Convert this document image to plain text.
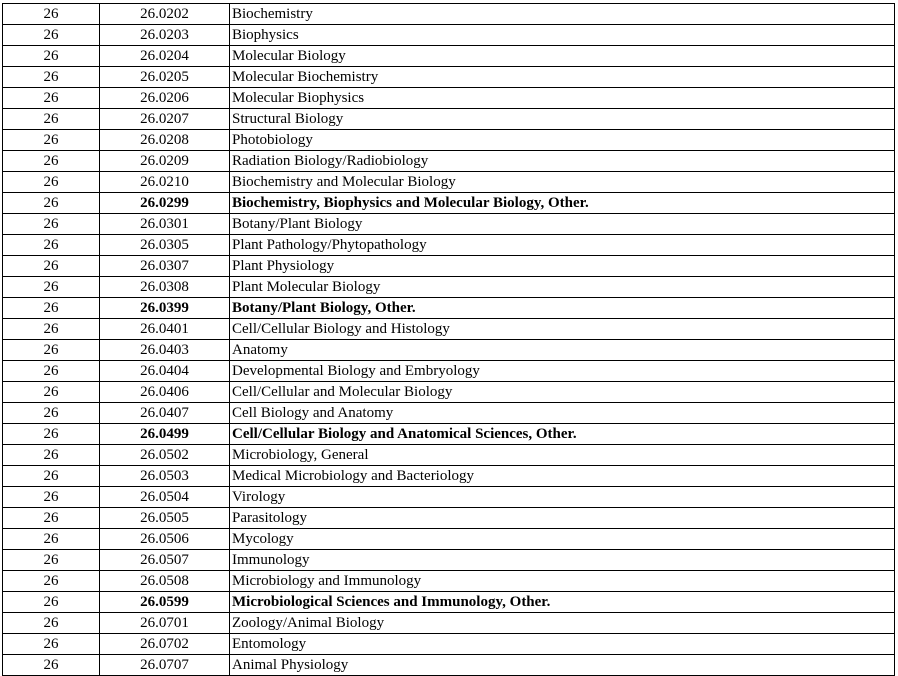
26	26.0202	Biochemistry
26	26.0203	Biophysics
26	26.0204	Molecular Biology
26	26.0205	Molecular Biochemistry
26	26.0206	Molecular Biophysics
26	26.0207	Structural Biology
26	26.0208	Photobiology
26	26.0209	Radiation Biology/Radiobiology
26	26.0210	Biochemistry and Molecular Biology
26	26.0299	Biochemistry, Biophysics and Molecular Biology, Other.
26	26.0301	Botany/Plant Biology
26	26.0305	Plant Pathology/Phytopathology
26	26.0307	Plant Physiology
26	26.0308	Plant Molecular Biology
26	26.0399	Botany/Plant Biology, Other.
26	26.0401	Cell/Cellular Biology and Histology
26	26.0403	Anatomy
26	26.0404	Developmental Biology and Embryology
26	26.0406	Cell/Cellular and Molecular Biology
26	26.0407	Cell Biology and Anatomy
26	26.0499	Cell/Cellular Biology and Anatomical Sciences, Other.
26	26.0502	Microbiology, General
26	26.0503	Medical Microbiology and Bacteriology
26	26.0504	Virology
26	26.0505	Parasitology
26	26.0506	Mycology
26	26.0507	Immunology
26	26.0508	Microbiology and Immunology
26	26.0599	Microbiological Sciences and Immunology, Other.
26	26.0701	Zoology/Animal Biology
26	26.0702	Entomology
26	26.0707	Animal Physiology
